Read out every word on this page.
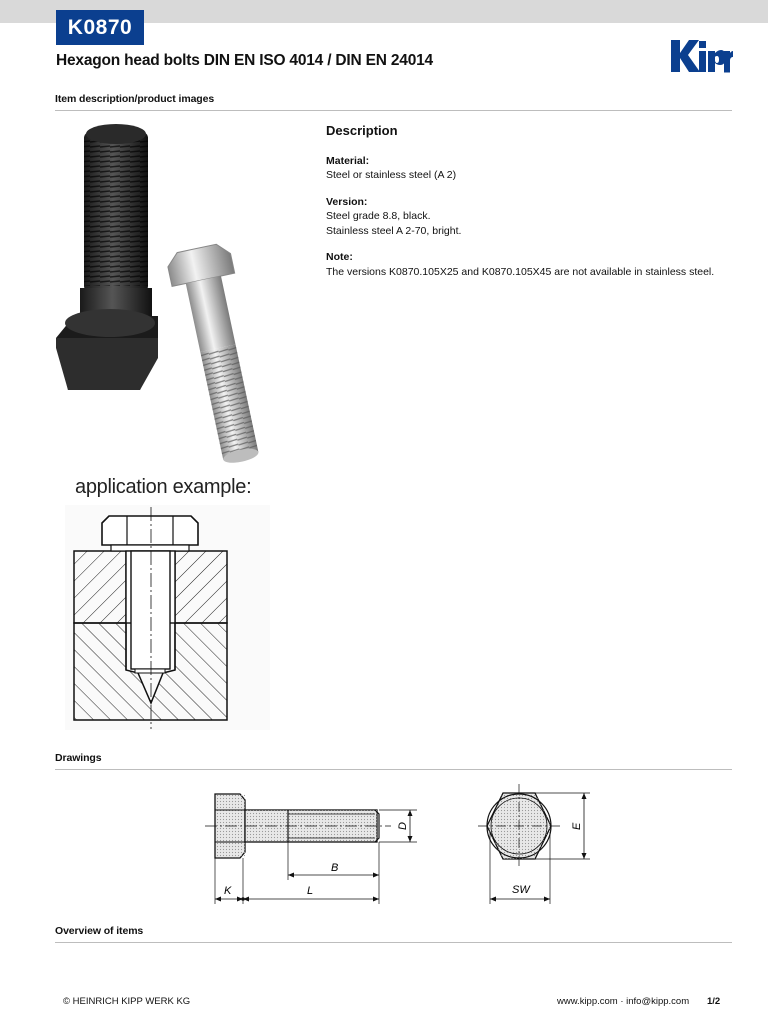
K0870
Hexagon head bolts DIN EN ISO 4014 / DIN EN 24014
Item description/product images
application example:
Description
Material:
Steel or stainless steel (A 2)
Version:
Steel grade 8.8, black.
Stainless steel A 2-70, bright.
Note:
The versions K0870.105X25 and K0870.105X45 are not available in stainless steel.
Drawings
D
B
K	L
E
SW
Overview of items
© HEINRICH KIPP WERK KG	www.kipp.com · info@kipp.com 1/2
